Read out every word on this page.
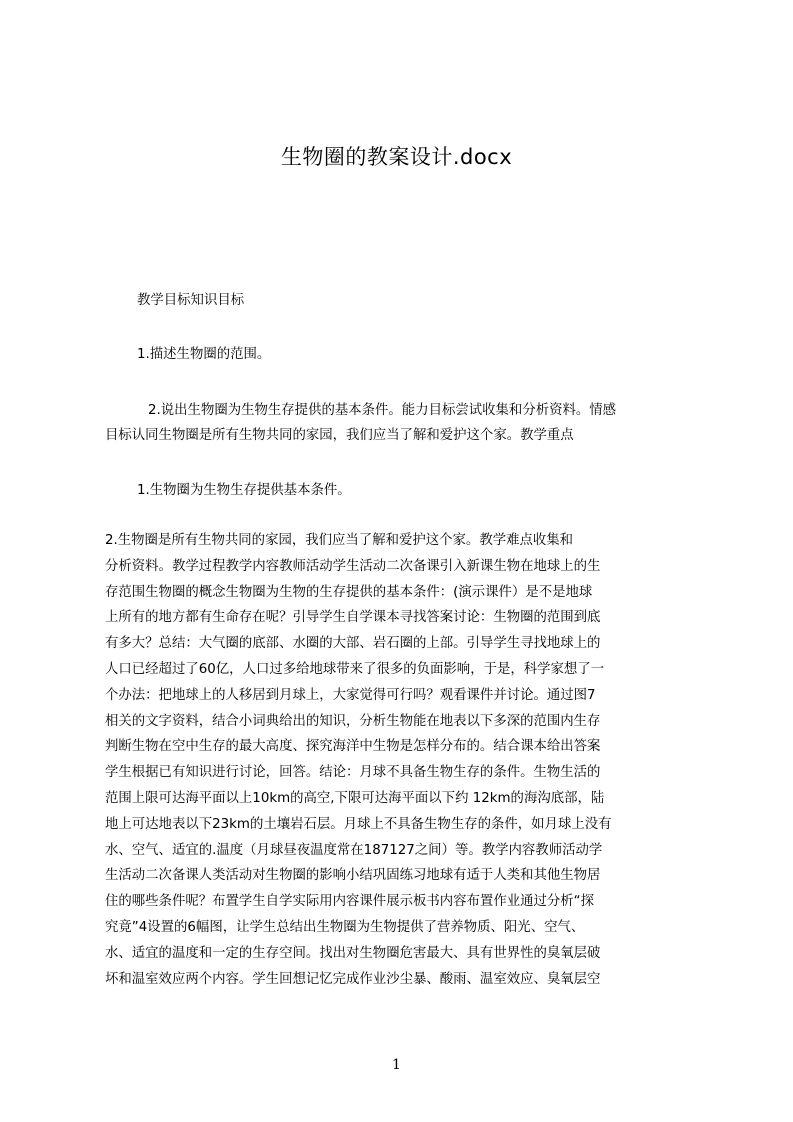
生物圈的教案设计.docx

教学目标知识目标

1.描述生物圈的范围。

2.说出生物圈为生物生存提供的基本条件。能力目标尝试收集和分析资料。情感

目标认同生物圈是所有生物共同的家园，我们应当了解和爱护这个家。教学重点

1.生物圈为生物生存提供基本条件。

2.生物圈是所有生物共同的家园，我们应当了解和爱护这个家。教学难点收集和
分析资料。教学过程教学内容教师活动学生活动二次备课引入新课生物在地球上的生
存范围生物圈的概念生物圈为生物的生存提供的基本条件：(演示课件）是不是地球
上所有的地方都有生命存在呢？引导学生自学课本寻找答案讨论：生物圈的范围到底
有多大？总结：大气圈的底部、水圈的大部、岩石圈的上部。引导学生寻找地球上的
人口已经超过了60亿，人口过多给地球带来了很多的负面影响，于是，科学家想了一
个办法：把地球上的人移居到月球上，大家觉得可行吗？观看课件并讨论。通过图7
相关的文字资料，结合小词典给出的知识，分析生物能在地表以下多深的范围内生存
判断生物在空中生存的最大高度、探究海洋中生物是怎样分布的。结合课本给出答案
学生根据已有知识进行讨论，回答。结论：月球不具备生物生存的条件。生物生活的
范围上限可达海平面以上10km的高空,下限可达海平面以下约 12km的海沟底部，陆
地上可达地表以下23km的土壤岩石层。月球上不具备生物生存的条件，如月球上没有
水、空气、适宜的.温度（月球昼夜温度常在187127之间）等。教学内容教师活动学
生活动二次备课人类活动对生物圈的影响小结巩固练习地球有适于人类和其他生物居
住的哪些条件呢？布置学生自学实际用内容课件展示板书内容布置作业通过分析“探
究竟”4设置的6幅图，让学生总结出生物圈为生物提供了营养物质、阳光、空气、
水、适宜的温度和一定的生存空间。找出对生物圈危害最大、具有世界性的臭氧层破
坏和温室效应两个内容。学生回想记忆完成作业沙尘暴、酸雨、温室效应、臭氧层空
1
